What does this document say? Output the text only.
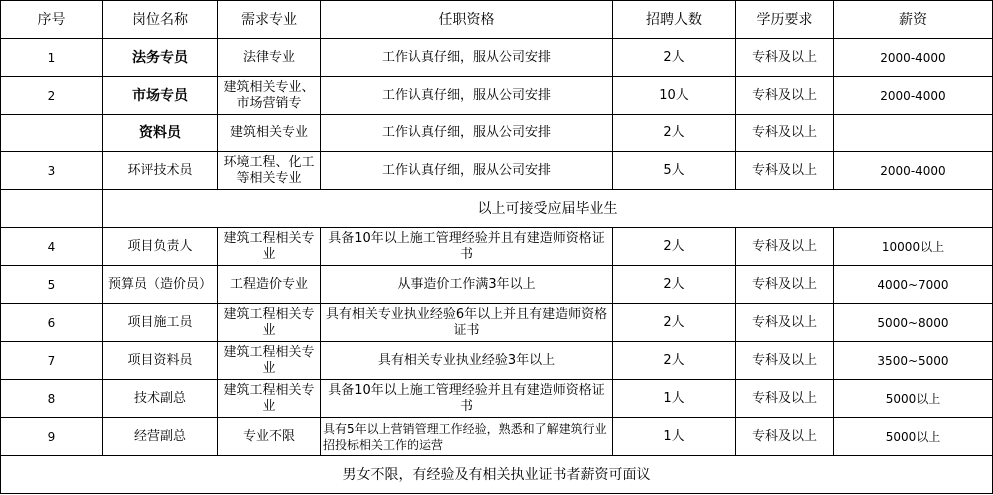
序号	岗位名称	需求专业	任职资格	招聘人数	学历要求	薪资
1	法务专员	法律专业	工作认真仔细，服从公司安排	2人	专科及以上	2000-4000
2	市场专员	建筑相关专业、市场营销专	工作认真仔细，服从公司安排	10人	专科及以上	2000-4000
	资料员	建筑相关专业	工作认真仔细，服从公司安排	2人	专科及以上	
3	环评技术员	环境工程、化工等相关专业	工作认真仔细，服从公司安排	5人	专科及以上	2000-4000
	以上可接受应届毕业生					
4	项目负责人	建筑工程相关专业	具备10年以上施工管理经验并且有建造师资格证书	2人	专科及以上	10000以上
5	预算员（造价员）	工程造价专业	从事造价工作满3年以上	2人	专科及以上	4000~7000
6	项目施工员	建筑工程相关专业	具有相关专业执业经验6年以上并且有建造师资格证书	2人	专科及以上	5000~8000
7	项目资料员	建筑工程相关专业	具有相关专业执业经验3年以上	2人	专科及以上	3500~5000
8	技术副总	建筑工程相关专业	具备10年以上施工管理经验并且有建造师资格证书	1人	专科及以上	5000以上
9	经营副总	专业不限	具有5年以上营销管理工作经验，熟悉和了解建筑行业招投标相关工作的运营	1人	专科及以上	5000以上
男女不限，有经验及有相关执业证书者薪资可面议						
